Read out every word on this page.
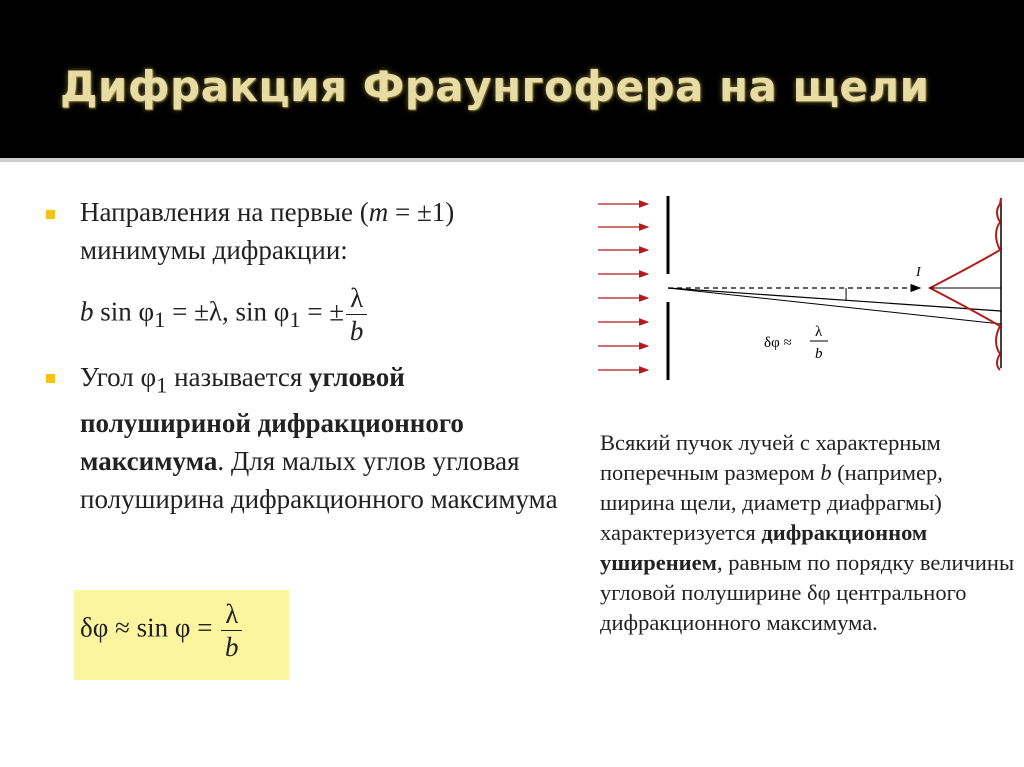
Дифракция Фраунгофера на щели
Направления на первые (m = ±1)
минимумы дифракции:
b $\sin \varphi_1 = \pm\lambda$, $\sin \varphi_1$ = ± $\frac{\lambda}{b}$
Угол $\varphi_1$ называется угловой полушириной дифракционного максимума. Для малых углов угловая полуширина дифракционного максимума
$\delta\varphi \approx \sin \varphi = \frac{\lambda}{b}$
I
δφ ≈
λ
b
Всякий пучок лучей с характерным поперечным размером b (например, ширина щели, диаметр диафрагмы) характеризуется дифракционном уширением, равным по порядку величины угловой полуширине δφ центрального дифракционного максимума.
